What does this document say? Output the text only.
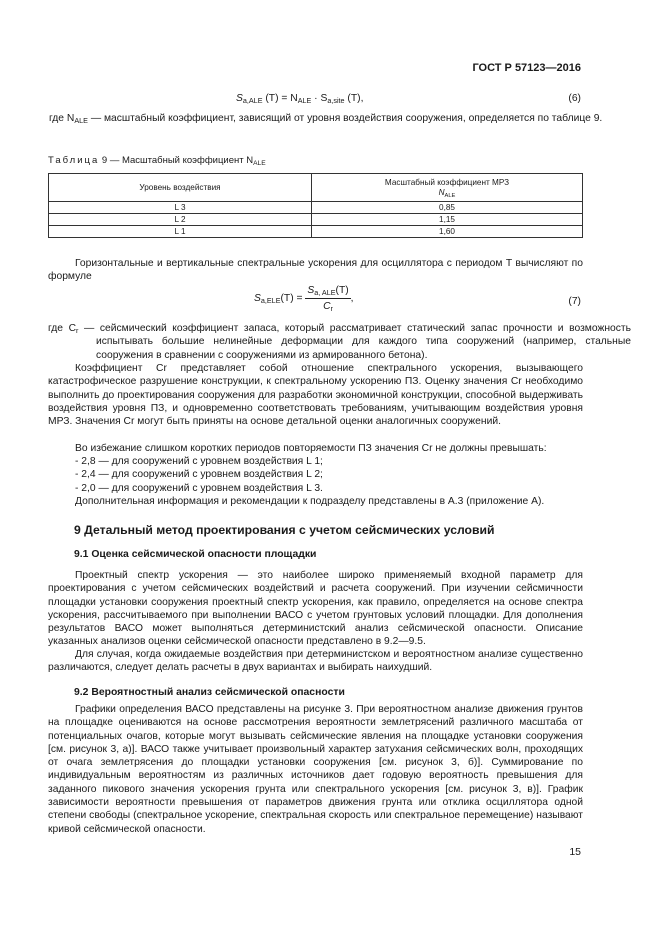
ГОСТ Р 57123—2016
$S_{a,ALE}$ $(T) = N_{ALE} \cdot S_{a,site}$ (T),	(6)
где $N_{ALE}$ — масштабный коэффициент, зависящий от уровня воздействия сооружения, определяется по таблице 9.
Таблица 9 — Масштабный коэффициент $N_{ALE}$
Уровень воздействия	Масштабный коэффициент МРЗ
$N_{ALE}$

L 3	0,85
L 2	1,15
L 1	1,60
Горизонтальные и вертикальные спектральные ускорения для осциллятора с периодом T вычисляют по формуле
$S_{a,ELE}(T) = \frac{S_{a, ALE}(T)}{C_r}$ ,	(7)
где $C_r$ — сейсмический коэффициент запаса, который рассматривает статический запас прочности и возможность испытывать большие нелинейные деформации для каждого типа сооружений (например, стальные сооружения в сравнении с сооружениями из армированного бетона).
Коэффициент Cr представляет собой отношение спектрального ускорения, вызывающего катастрофическое разрушение конструкции, к спектральному ускорению ПЗ. Оценку значения Cr необходимо выполнить до проектирования сооружения для разработки экономичной конструкции, способной выдерживать воздействия уровня ПЗ, и одновременно соответствовать требованиям, учитывающим воздействия уровня МРЗ. Значения Cr могут быть приняты на основе детальной оценки аналогичных сооружений.
Во избежание слишком коротких периодов повторяемости ПЗ значения Cr не должны превышать:
- 2,8 — для сооружений с уровнем воздействия L 1;
- 2,4 — для сооружений с уровнем воздействия L 2;
- 2,0 — для сооружений с уровнем воздействия L 3.
Дополнительная информация и рекомендации к подразделу представлены в А.3 (приложение А).
9 Детальный метод проектирования с учетом сейсмических условий
9.1 Оценка сейсмической опасности площадки
Проектный спектр ускорения — это наиболее широко применяемый входной параметр для проектирования с учетом сейсмических воздействий и расчета сооружений. При изучении сейсмичности площадки установки сооружения проектный спектр ускорения, как правило, определяется на основе спектра ускорения, рассчитываемого при выполнении ВАСО с учетом грунтовых условий площадки. Для дополнения результатов ВАСО может выполняться детерминистский анализ сейсмической опасности. Описание указанных анализов оценки сейсмической опасности представлено в 9.2—9.5.
Для случая, когда ожидаемые воздействия при детерминистском и вероятностном анализе существенно различаются, следует делать расчеты в двух вариантах и выбирать наихудший.
9.2 Вероятностный анализ сейсмической опасности
Графики определения ВАСО представлены на рисунке 3. При вероятностном анализе движения грунтов на площадке оцениваются на основе рассмотрения вероятности землетрясений различного масштаба от потенциальных очагов, которые могут вызывать сейсмические явления на площадке установки сооружения [см. рисунок 3, а)]. ВАСО также учитывает произвольный характер затухания сейсмических волн, проходящих от очага землетрясения до площадки установки сооружения [см. рисунок 3, б)]. Суммирование по индивидуальным вероятностям из различных источников дает годовую вероятность превышения для заданного пикового значения ускорения грунта или спектрального ускорения [см. рисунок 3, в)]. График зависимости вероятности превышения от параметров движения грунта или отклика осциллятора одной степени свободы (спектральное ускорение, спектральная скорость или спектральное перемещение) называют кривой сейсмической опасности.
15
